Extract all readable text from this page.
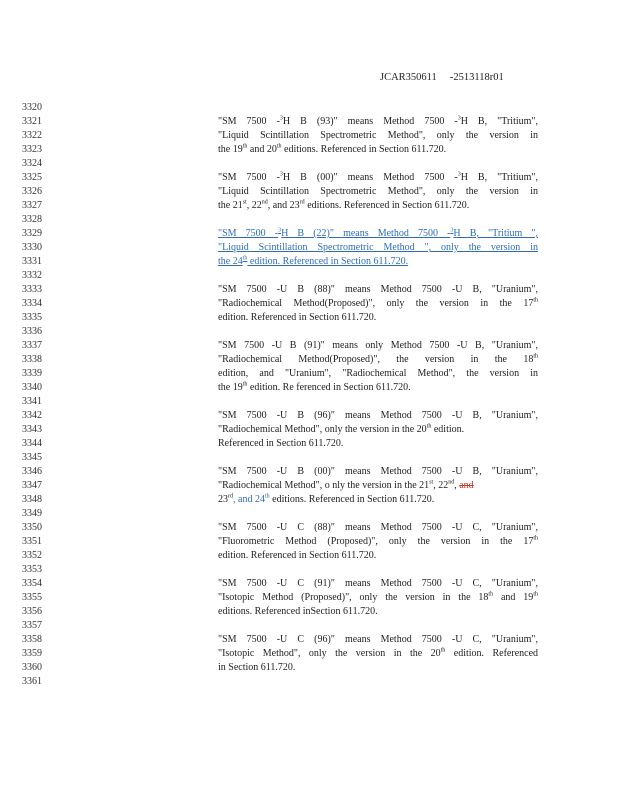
JCAR350611     -2513118r01
3320
3321	"SM 7500 -$^3$H B (93)" means Method 7500 -$^3$H B, "Tritium",
3322	"Liquid Scintillation Spectrometric Method", only the version in
3323	the 19th and 20th editions. Referenced in Section 611.720.
3324
3325	"SM 7500 -$^3$H B (00)" means Method 7500 -$^3$H B, "Tritium",
3326	"Liquid Scintillation Spectrometric Method", only the version in
3327	the 21st, 22nd, and 23rd editions. Referenced in Section 611.720.
3328
3329	"SM 7500 -$^3$H B (22)" means Method 7500 -$^3$H B, "Tritium ",
3330	"Liquid Scintillation Spectrometric Method ", only the version in
3331	the 24th edition. Referenced in Section 611.720.
3332
3333	"SM 7500 -U B (88)" means Method 7500 -U B, "Uranium",
3334	"Radiochemical Method(Proposed)", only the version in the 17th
3335	edition. Referenced in Section 611.720.
3336
3337	"SM 7500 -U B (91)" means only Method 7500 -U B, "Uranium",
3338	"Radiochemical Method(Proposed)", the version in the 18th
3339	edition, and "Uranium", "Radiochemical Method", the version in
3340	the 19th edition. Re ferenced in Section 611.720.
3341
3342	"SM 7500 -U B (96)" means Method 7500 -U B, "Uranium",
3343	"Radiochemical Method", only the version in the 20th edition.
3344	Referenced in Section 611.720.
3345
3346	"SM 7500 -U B (00)" means Method 7500 -U B, "Uranium",
3347	"Radiochemical Method", o nly the version in the 21st, 22nd, and
3348	23rd, and 24th editions. Referenced in Section 611.720.
3349
3350	"SM 7500 -U C (88)" means Method 7500 -U C, "Uranium",
3351	"Fluorometric Method (Proposed)", only the version in the 17th
3352	edition. Referenced in Section 611.720.
3353
3354	"SM 7500 -U C (91)" means Method 7500 -U C, "Uranium",
3355	"Isotopic Method (Proposed)", only the version in the 18th and 19th
3356	editions. Referenced inSection 611.720.
3357
3358	"SM 7500 -U C (96)" means Method 7500 -U C, "Uranium",
3359	"Isotopic Method", only the version in the 20th edition. Referenced
3360	in Section 611.720.
3361
